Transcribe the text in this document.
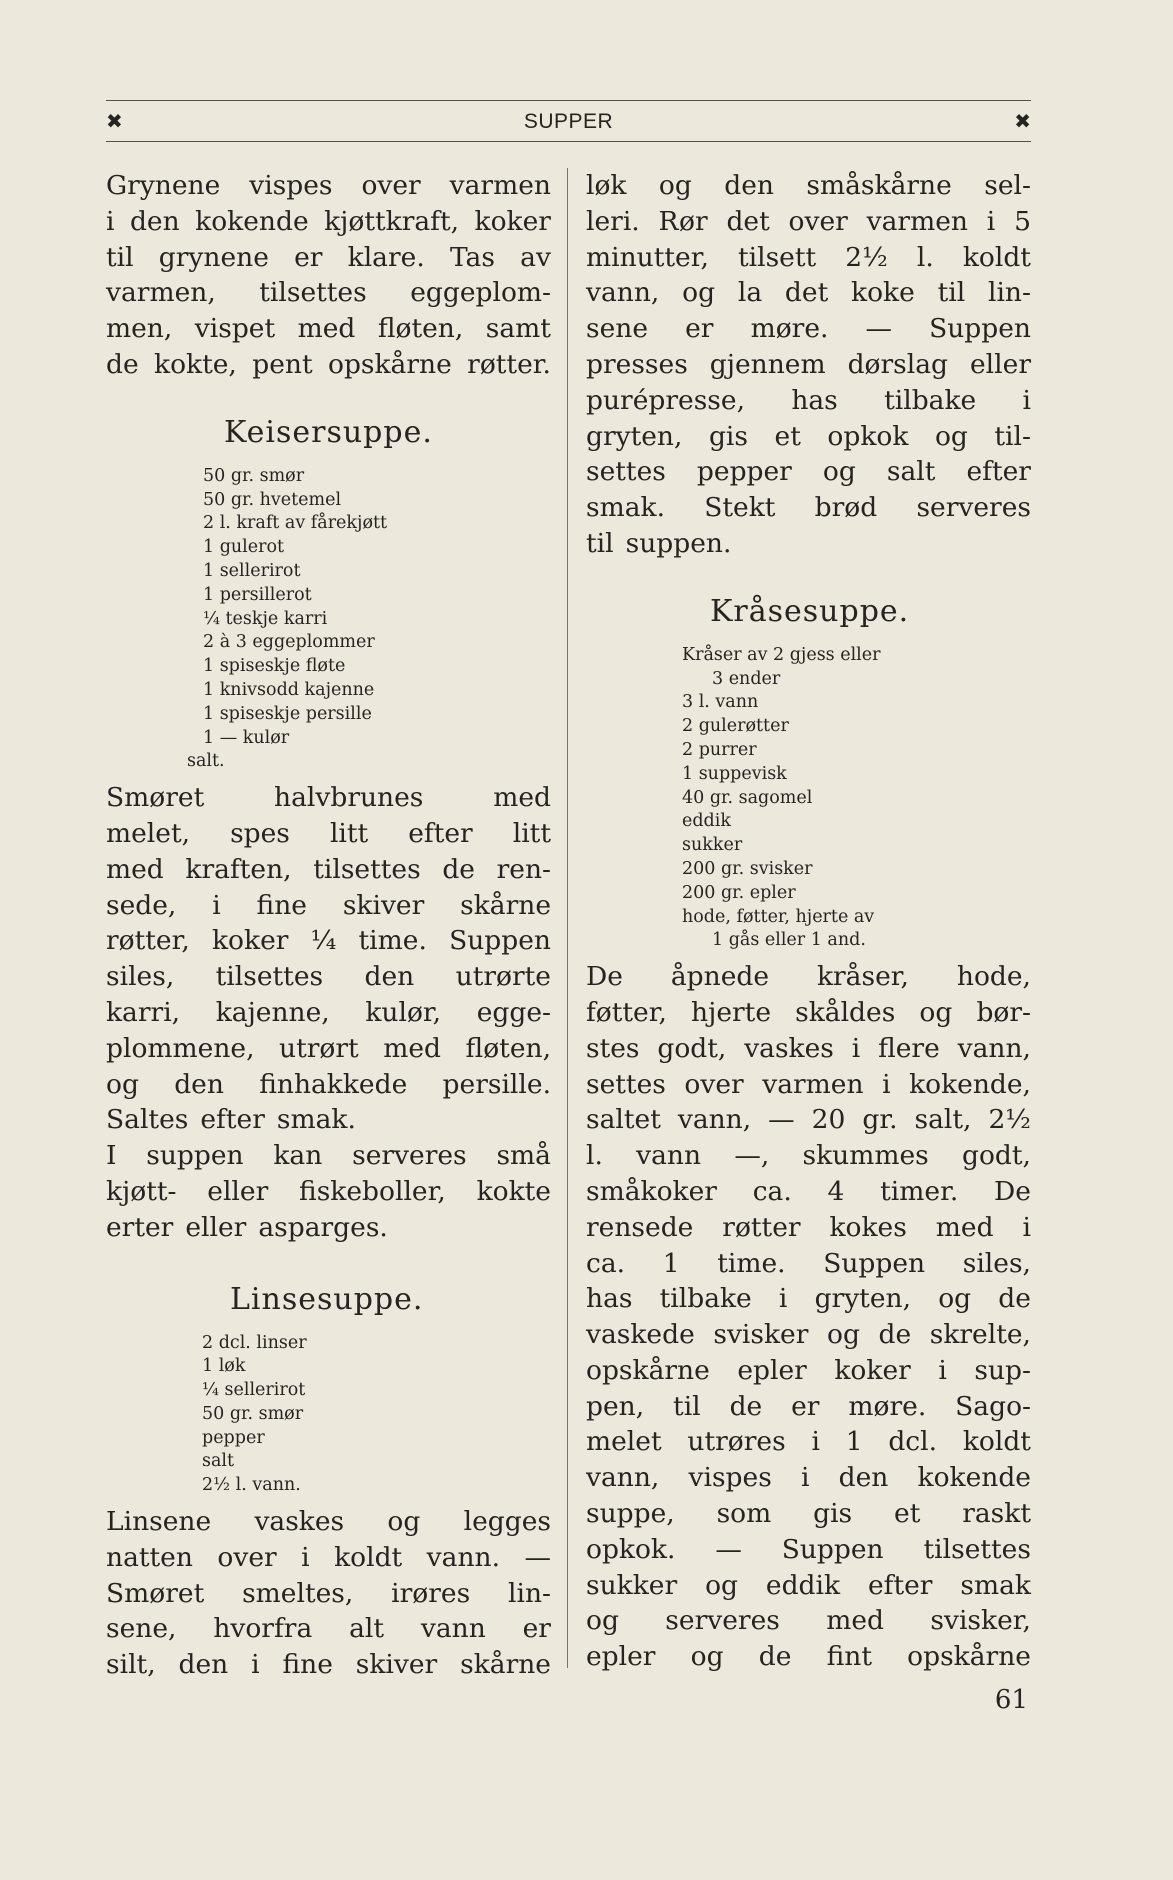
✖	SUPPER	✖
Grynene vispes over varmen
i den kokende kjøttkraft, koker
til grynene er klare. Tas av
varmen, tilsettes eggeplom-
men, vispet med fløten, samt
de kokte, pent opskårne røtter.
Keisersuppe.
50 gr. smør
50 gr. hvetemel
2 l. kraft av fårekjøtt
1 gulerot
1 sellerirot
1 persillerot
¼ teskje karri
2 à 3 eggeplommer
1 spiseskje fløte
1 knivsodd kajenne
1 spiseskje persille
1 — kulør
salt.
Smøret	halvbrunes	med
melet, spes litt efter litt
med kraften, tilsettes de ren-
sede, i fine skiver skårne
røtter, koker ¼ time. Suppen
siles, tilsettes den utrørte
karri, kajenne, kulør, egge-
plommene, utrørt med fløten,
og den finhakkede persille.
Saltes efter smak.
I suppen kan serveres små
kjøtt- eller fiskeboller, kokte
erter eller asparges.
Linsesuppe.
2 dcl. linser
1 løk
¼ sellerirot
50 gr. smør
pepper
salt
2½ l. vann.
Linsene vaskes og legges
natten over i koldt vann. —
Smøret smeltes, irøres lin-
sene, hvorfra alt vann er
silt, den i fine skiver skårne
løk og den småskårne sel-
leri. Rør det over varmen i 5
minutter, tilsett 2½ l. koldt
vann, og la det koke til lin-
sene er møre. — Suppen
presses gjennem dørslag eller
purépresse, has tilbake i
gryten, gis et opkok og til-
settes pepper og salt efter
smak. Stekt brød serveres
til suppen.
Kråsesuppe.
Kråser av 2 gjess eller
3 ender
3 l. vann
2 gulerøtter
2 purrer
1 suppevisk
40 gr. sagomel
eddik
sukker
200 gr. svisker
200 gr. epler
hode, føtter, hjerte av
1 gås eller 1 and.
De åpnede kråser, hode,
føtter, hjerte skåldes og bør-
stes godt, vaskes i flere vann,
settes over varmen i kokende,
saltet vann, — 20 gr. salt, 2½
l. vann —, skummes godt,
småkoker ca. 4 timer. De
rensede røtter kokes med i
ca. 1 time. Suppen siles,
has tilbake i gryten, og de
vaskede svisker og de skrelte,
opskårne epler koker i sup-
pen, til de er møre. Sago-
melet utrøres i 1 dcl. koldt
vann, vispes i den kokende
suppe, som gis et raskt
opkok. — Suppen tilsettes
sukker og eddik efter smak
og serveres med svisker,
epler og de fint opskårne
61
